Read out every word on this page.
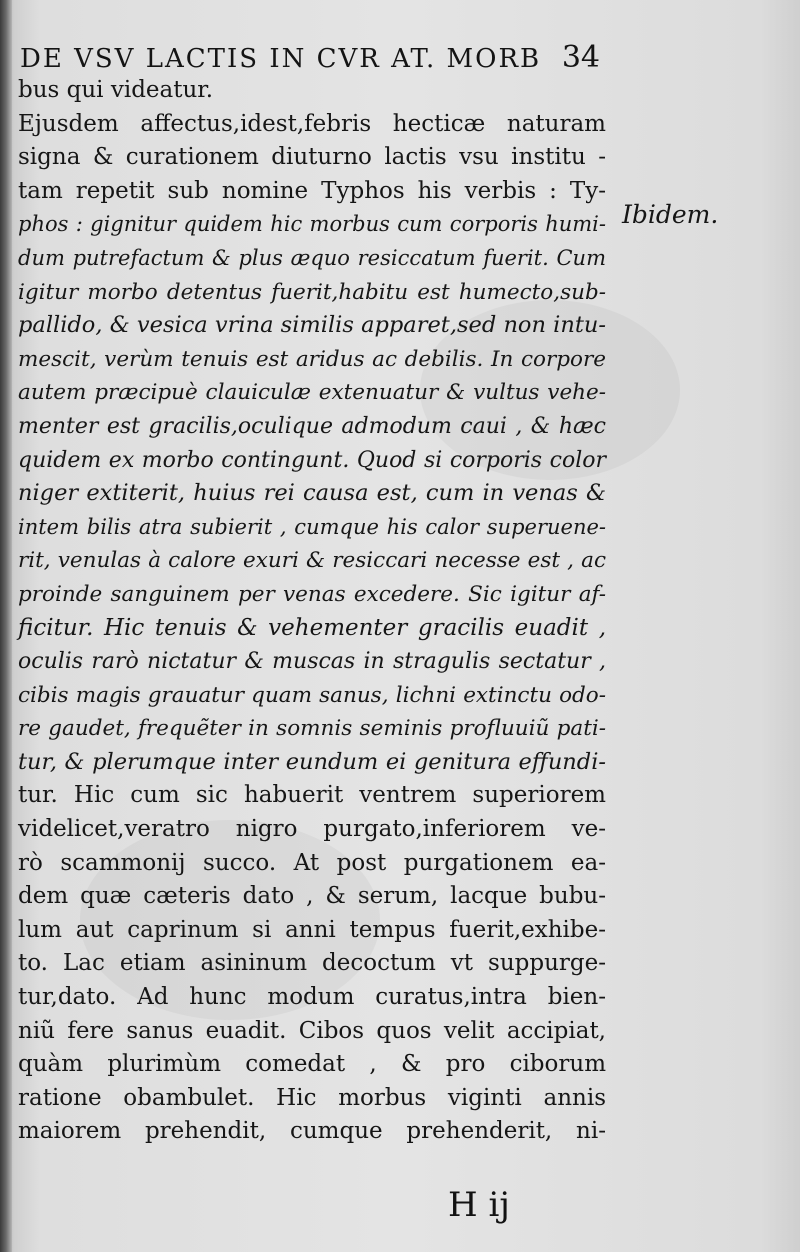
DE VSV LACTIS IN CVR AT. MORB 34
Ibidem.
bus qui videatur.
Ejusdem affectus,idest,febris hecticæ naturam
signa & curationem diuturno lactis vsu institu -
tam repetit sub nomine Typhos his verbis : Ty-
phos : gignitur quidem hic morbus cum corporis humi-
dum putrefactum & plus æquo resiccatum fuerit. Cum
igitur morbo detentus fuerit,habitu est humecto,sub-
pallido, & vesica vrina similis apparet,sed non intu-
mescit, verùm tenuis est aridus ac debilis. In corpore
autem præcipuè clauiculæ extenuatur & vultus vehe-
menter est gracilis,oculique admodum caui , & hæc
quidem ex morbo contingunt. Quod si corporis color
niger extiterit, huius rei causa est, cum in venas &
intem bilis atra subierit , cumque his calor superuene-
rit, venulas à calore exuri & resiccari necesse est , ac
proinde sanguinem per venas excedere. Sic igitur af-
ficitur. Hic tenuis & vehementer gracilis euadit ,
oculis rarò nictatur & muscas in stragulis sectatur ,
cibis magis grauatur quam sanus, lichni extinctu odo-
re gaudet, frequẽter in somnis seminis profluuiũ pati-
tur, & plerumque inter eundum ei genitura effundi-
tur. Hic cum sic habuerit ventrem superiorem
videlicet,veratro nigro purgato,inferiorem ve-
rò scammonij succo. At post purgationem ea-
dem quæ cæteris dato , & serum, lacque bubu-
lum aut caprinum si anni tempus fuerit,exhibe-
to. Lac etiam asininum decoctum vt suppurge-
tur,dato. Ad hunc modum curatus,intra bien-
niũ fere sanus euadit. Cibos quos velit accipiat,
quàm plurimùm comedat , & pro ciborum
ratione obambulet. Hic morbus viginti annis
maiorem prehendit, cumque prehenderit, ni-
H ij
